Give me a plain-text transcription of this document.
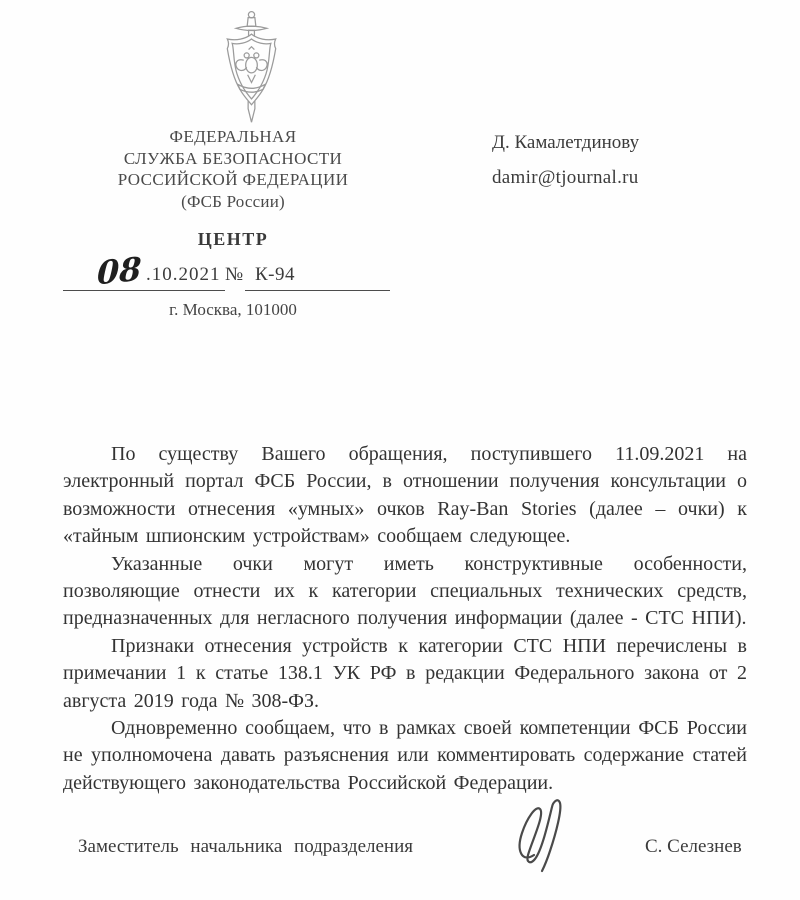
ФЕДЕРАЛЬНАЯ
СЛУЖБА БЕЗОПАСНОСТИ
РОССИЙСКОЙ ФЕДЕРАЦИИ
(ФСБ России)
ЦЕНТР
08 .10.2021 № К-94
г. Москва, 101000
Д. Камалетдинову
damir@tjournal.ru

По существу Вашего обращения, поступившего 11.09.2021 на электронный портал ФСБ России, в отношении получения консультации о возможности отнесения «умных» очков Ray-Ban Stories (далее – очки) к «тайным шпионским устройствам» сообщаем следующее.

Указанные очки могут иметь конструктивные особенности, позволяющие отнести их к категории специальных технических средств, предназначенных для негласного получения информации (далее - СТС НПИ).

Признаки отнесения устройств к категории СТС НПИ перечислены в примечании 1 к статье 138.1 УК РФ в редакции Федерального закона от 2 августа 2019 года № 308-ФЗ.

Одновременно сообщаем, что в рамках своей компетенции ФСБ России не уполномочена давать разъяснения или комментировать содержание статей действующего законодательства Российской Федерации.

Заместитель начальника подразделения	С. Селезнев
